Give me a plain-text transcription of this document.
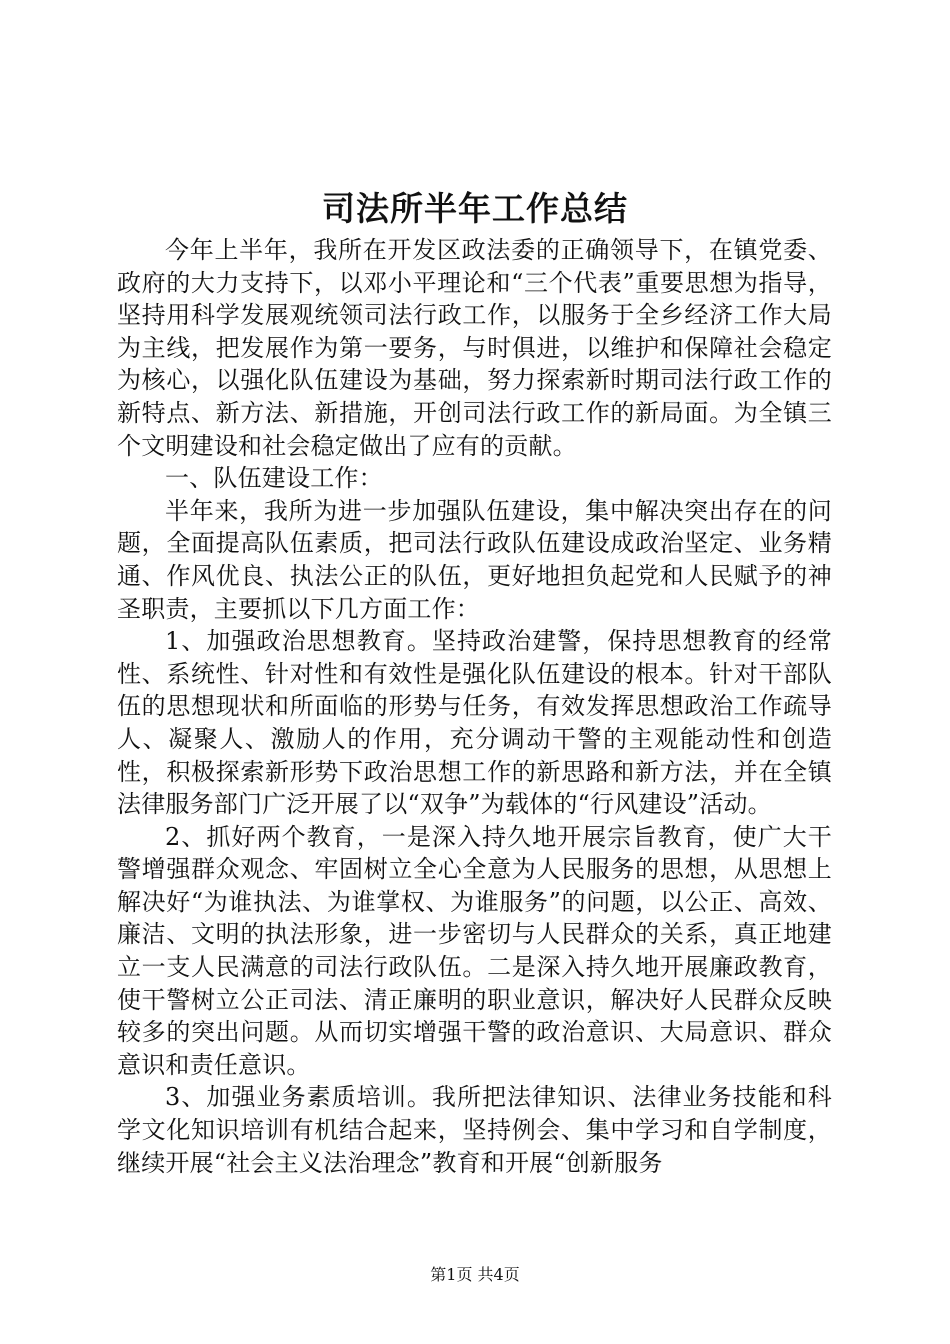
司法所半年工作总结

今年上半年，我所在开发区政法委的正确领导下，在镇党委、政府的大力支持下，以邓小平理论和“三个代表”重要思想为指导，坚持用科学发展观统领司法行政工作，以服务于全乡经济工作大局为主线，把发展作为第一要务，与时俱进，以维护和保障社会稳定为核心，以强化队伍建设为基础，努力探索新时期司法行政工作的新特点、新方法、新措施，开创司法行政工作的新局面。为全镇三个文明建设和社会稳定做出了应有的贡献。

一、队伍建设工作：

半年来，我所为进一步加强队伍建设，集中解决突出存在的问题，全面提高队伍素质，把司法行政队伍建设成政治坚定、业务精通、作风优良、执法公正的队伍，更好地担负起党和人民赋予的神圣职责，主要抓以下几方面工作：

1、加强政治思想教育。坚持政治建警，保持思想教育的经常性、系统性、针对性和有效性是强化队伍建设的根本。针对干部队伍的思想现状和所面临的形势与任务，有效发挥思想政治工作疏导人、凝聚人、激励人的作用，充分调动干警的主观能动性和创造性，积极探索新形势下政治思想工作的新思路和新方法，并在全镇法律服务部门广泛开展了以“双争”为载体的“行风建设”活动。

2、抓好两个教育，一是深入持久地开展宗旨教育，使广大干警增强群众观念、牢固树立全心全意为人民服务的思想，从思想上解决好“为谁执法、为谁掌权、为谁服务”的问题，以公正、高效、廉洁、文明的执法形象，进一步密切与人民群众的关系，真正地建立一支人民满意的司法行政队伍。二是深入持久地开展廉政教育，使干警树立公正司法、清正廉明的职业意识，解决好人民群众反映较多的突出问题。从而切实增强干警的政治意识、大局意识、群众意识和责任意识。

3、加强业务素质培训。我所把法律知识、法律业务技能和科学文化知识培训有机结合起来，坚持例会、集中学习和自学制度，继续开展“社会主义法治理念”教育和开展“创新服务

第1页 共4页
